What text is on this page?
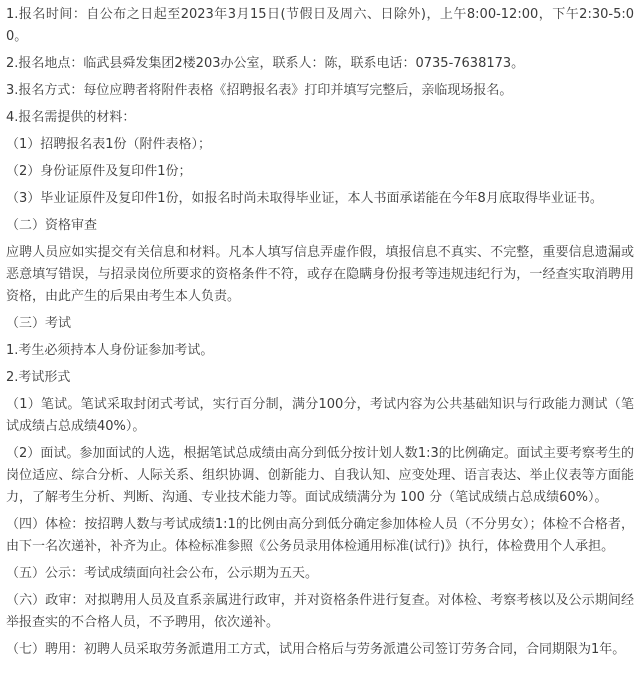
1.报名时间：自公布之日起至2023年3月15日(节假日及周六、日除外)，上午8:00-12:00，下午2:30-5:00。

2.报名地点：临武县舜发集团2楼203办公室，联系人：陈，联系电话：0735-7638173。

3.报名方式：每位应聘者将附件表格《招聘报名表》打印并填写完整后，亲临现场报名。

4.报名需提供的材料：

（1）招聘报名表1份（附件表格）；

（2）身份证原件及复印件1份；

（3）毕业证原件及复印件1份，如报名时尚未取得毕业证，本人书面承诺能在今年8月底取得毕业证书。

（二）资格审查

应聘人员应如实提交有关信息和材料。凡本人填写信息弄虚作假，填报信息不真实、不完整，重要信息遗漏或恶意填写错误，与招录岗位所要求的资格条件不符，或存在隐瞒身份报考等违规违纪行为，一经查实取消聘用资格，由此产生的后果由考生本人负责。

（三）考试

1.考生必须持本人身份证参加考试。

2.考试形式

（1）笔试。笔试采取封闭式考试，实行百分制，满分100分，考试内容为公共基础知识与行政能力测试（笔试成绩占总成绩40%）。

（2）面试。参加面试的人选，根据笔试总成绩由高分到低分按计划人数1:3的比例确定。面试主要考察考生的岗位适应、综合分析、人际关系、组织协调、创新能力、自我认知、应变处理、语言表达、举止仪表等方面能力，了解考生分析、判断、沟通、专业技术能力等。面试成绩满分为 100 分（笔试成绩占总成绩60%）。

（四）体检：按招聘人数与考试成绩1:1的比例由高分到低分确定参加体检人员（不分男女）；体检不合格者，由下一名次递补，补齐为止。体检标准参照《公务员录用体检通用标准(试行)》执行，体检费用个人承担。

（五）公示：考试成绩面向社会公布，公示期为五天。

（六）政审：对拟聘用人员及直系亲属进行政审，并对资格条件进行复查。对体检、考察考核以及公示期间经举报查实的不合格人员，不予聘用，依次递补。

（七）聘用：初聘人员采取劳务派遣用工方式，试用合格后与劳务派遣公司签订劳务合同，合同期限为1年。
